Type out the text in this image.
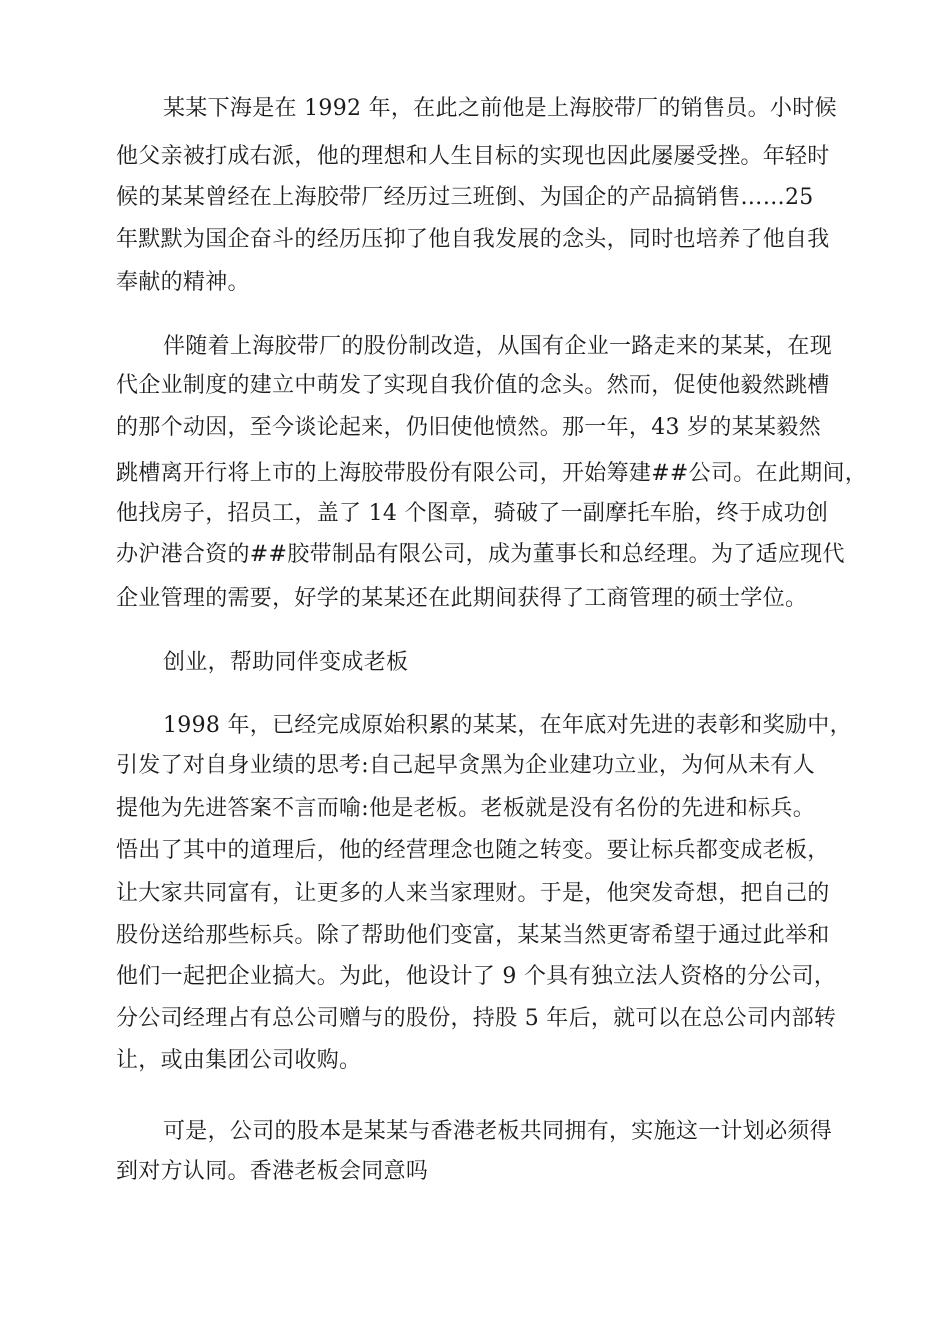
某某下海是在 1992 年，在此之前他是上海胶带厂的销售员。小时候
他父亲被打成右派，他的理想和人生目标的实现也因此屡屡受挫。年轻时
候的某某曾经在上海胶带厂经历过三班倒、为国企的产品搞销售……25
年默默为国企奋斗的经历压抑了他自我发展的念头，同时也培养了他自我
奉献的精神。
伴随着上海胶带厂的股份制改造，从国有企业一路走来的某某，在现
代企业制度的建立中萌发了实现自我价值的念头。然而，促使他毅然跳槽
的那个动因，至今谈论起来，仍旧使他愤然。那一年，43 岁的某某毅然
跳槽离开行将上市的上海胶带股份有限公司，开始筹建##公司。在此期间，
他找房子，招员工，盖了 14 个图章，骑破了一副摩托车胎，终于成功创
办沪港合资的##胶带制品有限公司，成为董事长和总经理。为了适应现代
企业管理的需要，好学的某某还在此期间获得了工商管理的硕士学位。
创业，帮助同伴变成老板
1998 年，已经完成原始积累的某某，在年底对先进的表彰和奖励中，
引发了对自身业绩的思考:自己起早贪黑为企业建功立业，为何从未有人
提他为先进答案不言而喻:他是老板。老板就是没有名份的先进和标兵。
悟出了其中的道理后，他的经营理念也随之转变。要让标兵都变成老板，
让大家共同富有，让更多的人来当家理财。于是，他突发奇想，把自己的
股份送给那些标兵。除了帮助他们变富，某某当然更寄希望于通过此举和
他们一起把企业搞大。为此，他设计了 9 个具有独立法人资格的分公司，
分公司经理占有总公司赠与的股份，持股 5 年后，就可以在总公司内部转
让，或由集团公司收购。
可是，公司的股本是某某与香港老板共同拥有，实施这一计划必须得
到对方认同。香港老板会同意吗
